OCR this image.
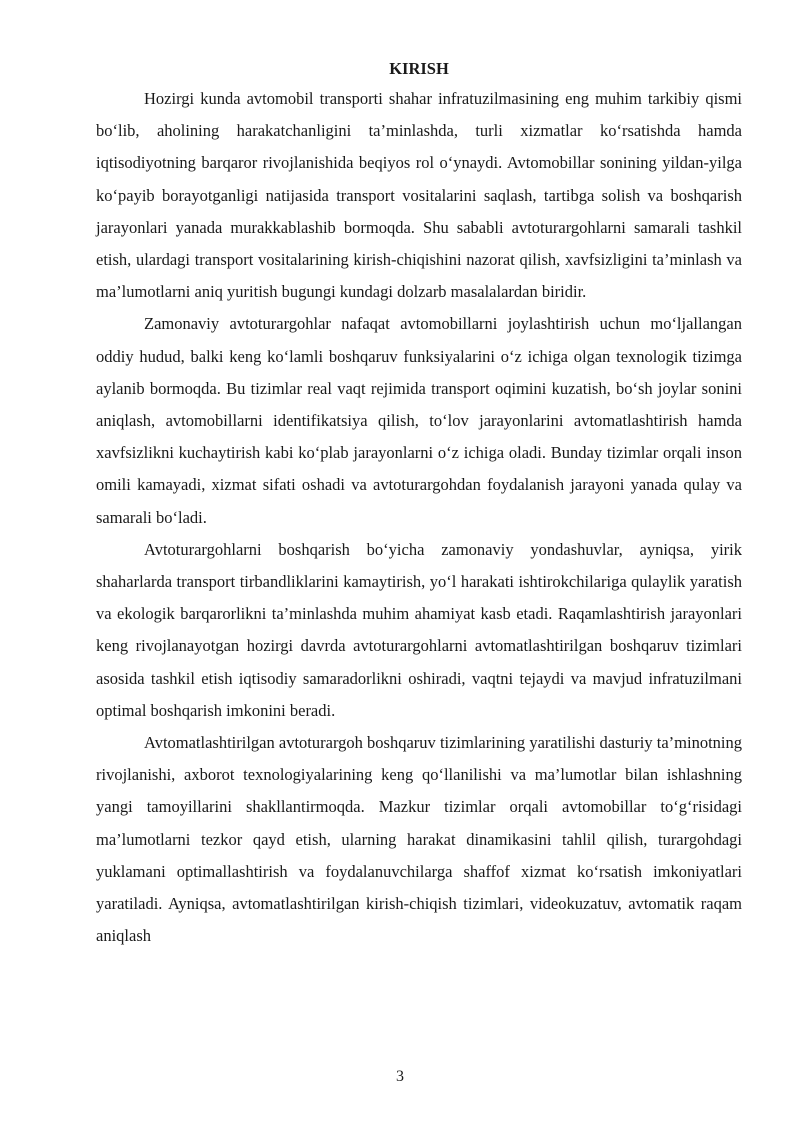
KIRISH

Hozirgi kunda avtomobil transporti shahar infratuzilmasining eng muhim tarkibiy qismi bo‘lib, aholining harakatchanligini ta’minlashda, turli xizmatlar ko‘rsatishda hamda iqtisodiyotning barqaror rivojlanishida beqiyos rol o‘ynaydi. Avtomobillar sonining yildan-yilga ko‘payib borayotganligi natijasida transport vositalarini saqlash, tartibga solish va boshqarish jarayonlari yanada murakkablashib bormoqda. Shu sababli avtoturargohlarni samarali tashkil etish, ulardagi transport vositalarining kirish-chiqishini nazorat qilish, xavfsizligini ta’minlash va ma’lumotlarni aniq yuritish bugungi kundagi dolzarb masalalardan biridir.

Zamonaviy avtoturargohlar nafaqat avtomobillarni joylashtirish uchun mo‘ljallangan oddiy hudud, balki keng ko‘lamli boshqaruv funksiyalarini o‘z ichiga olgan texnologik tizimga aylanib bormoqda. Bu tizimlar real vaqt rejimida transport oqimini kuzatish, bo‘sh joylar sonini aniqlash, avtomobillarni identifikatsiya qilish, to‘lov jarayonlarini avtomatlashtirish hamda xavfsizlikni kuchaytirish kabi ko‘plab jarayonlarni o‘z ichiga oladi. Bunday tizimlar orqali inson omili kamayadi, xizmat sifati oshadi va avtoturargohdan foydalanish jarayoni yanada qulay va samarali bo‘ladi.

Avtoturargohlarni boshqarish bo‘yicha zamonaviy yondashuvlar, ayniqsa, yirik shaharlarda transport tirbandliklarini kamaytirish, yo‘l harakati ishtirokchilariga qulaylik yaratish va ekologik barqarorlikni ta’minlashda muhim ahamiyat kasb etadi. Raqamlashtirish jarayonlari keng rivojlanayotgan hozirgi davrda avtoturargohlarni avtomatlashtirilgan boshqaruv tizimlari asosida tashkil etish iqtisodiy samaradorlikni oshiradi, vaqtni tejaydi va mavjud infratuzilmani optimal boshqarish imkonini beradi.

Avtomatlashtirilgan avtoturargoh boshqaruv tizimlarining yaratilishi dasturiy ta’minotning rivojlanishi, axborot texnologiyalarining keng qo‘llanilishi va ma’lumotlar bilan ishlashning yangi tamoyillarini shakllantirmoqda. Mazkur tizimlar orqali avtomobillar to‘g‘risidagi ma’lumotlarni tezkor qayd etish, ularning harakat dinamikasini tahlil qilish, turargohdagi yuklamani optimallashtirish va foydalanuvchilarga shaffof xizmat ko‘rsatish imkoniyatlari yaratiladi. Ayniqsa, avtomatlashtirilgan kirish-chiqish tizimlari, videokuzatuv, avtomatik raqam aniqlash

3
